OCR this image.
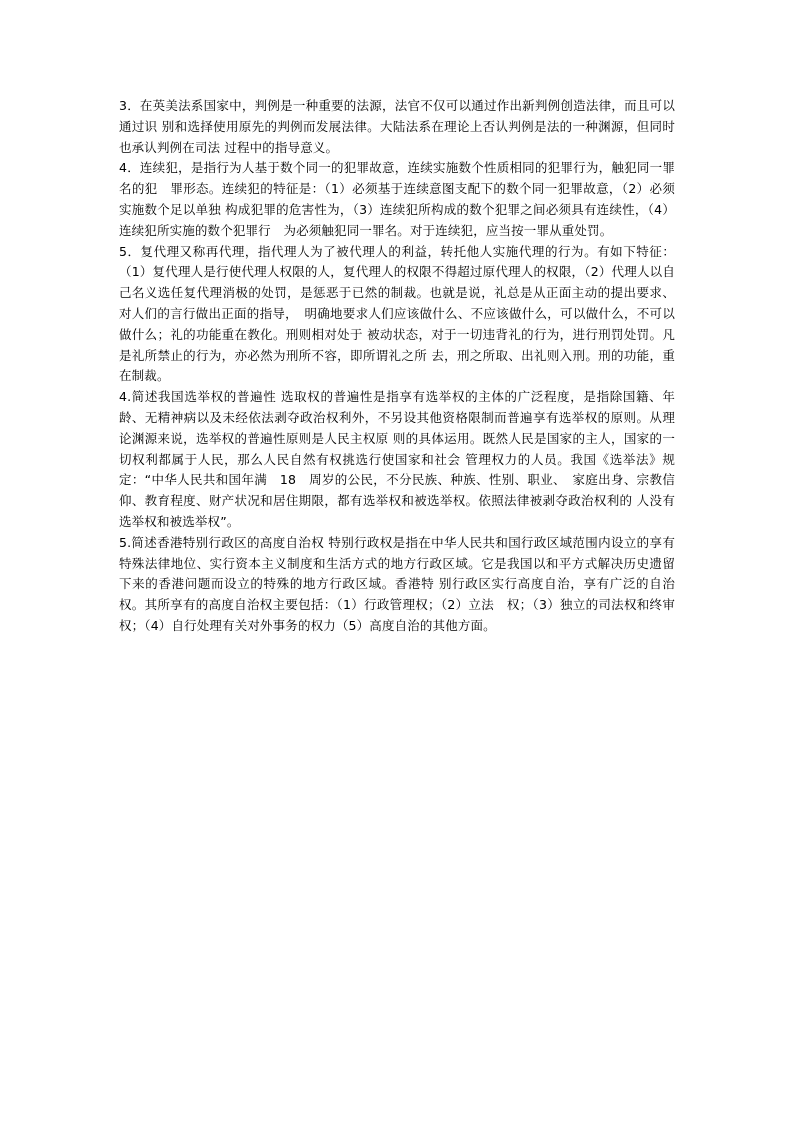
3．在英美法系国家中，判例是一种重要的法源，法官不仅可以通过作出新判例创造法律，而且可以通过识 别和选择使用原先的判例而发展法律。大陆法系在理论上否认判例是法的一种渊源，但同时也承认判例在司法 过程中的指导意义。

4．连续犯，是指行为人基于数个同一的犯罪故意，连续实施数个性质相同的犯罪行为，触犯同一罪名的犯　罪形态。连续犯的特征是：（1）必须基于连续意图支配下的数个同一犯罪故意，（2）必须实施数个足以单独 构成犯罪的危害性为，（3）连续犯所构成的数个犯罪之间必须具有连续性，（4）连续犯所实施的数个犯罪行　为必须触犯同一罪名。对于连续犯，应当按一罪从重处罚。

5．复代理又称再代理，指代理人为了被代理人的利益，转托他人实施代理的行为。有如下特征：（1）复代理人是行使代理人权限的人，复代理人的权限不得超过原代理人的权限，（2）代理人以自己名义选任复代理消极的处罚，是惩恶于已然的制裁。也就是说，礼总是从正面主动的提出要求、对人们的言行做出正面的指导，　明确地要求人们应该做什么、不应该做什么，可以做什么，不可以做什么；礼的功能重在教化。刑则相对处于 被动状态，对于一切违背礼的行为，进行刑罚处罚。凡是礼所禁止的行为，亦必然为刑所不容，即所谓礼之所 去，刑之所取、出礼则入刑。刑的功能，重在制裁。

4.简述我国选举权的普遍性 选取权的普遍性是指享有选举权的主体的广泛程度，是指除国籍、年龄、无精神病以及未经依法剥夺政治权利外，不另设其他资格限制而普遍享有选举权的原则。从理论渊源来说，选举权的普遍性原则是人民主权原 则的具体运用。既然人民是国家的主人，国家的一切权利都属于人民，那么人民自然有权挑选行使国家和社会 管理权力的人员。我国《选举法》规定：“中华人民共和国年满　18　周岁的公民，不分民族、种族、性别、职业、　家庭出身、宗教信仰、教育程度、财产状况和居住期限，都有选举权和被选举权。依照法律被剥夺政治权利的 人没有选举权和被选举权”。

5.简述香港特别行政区的高度自治权 特别行政权是指在中华人民共和国行政区域范围内设立的享有特殊法律地位、实行资本主义制度和生活方式的地方行政区域。它是我国以和平方式解决历史遗留下来的香港问题而设立的特殊的地方行政区域。香港特 别行政区实行高度自治，享有广泛的自治权。其所享有的高度自治权主要包括：（1）行政管理权；（2）立法　权；（3）独立的司法权和终审权；（4）自行处理有关对外事务的权力（5）高度自治的其他方面。
